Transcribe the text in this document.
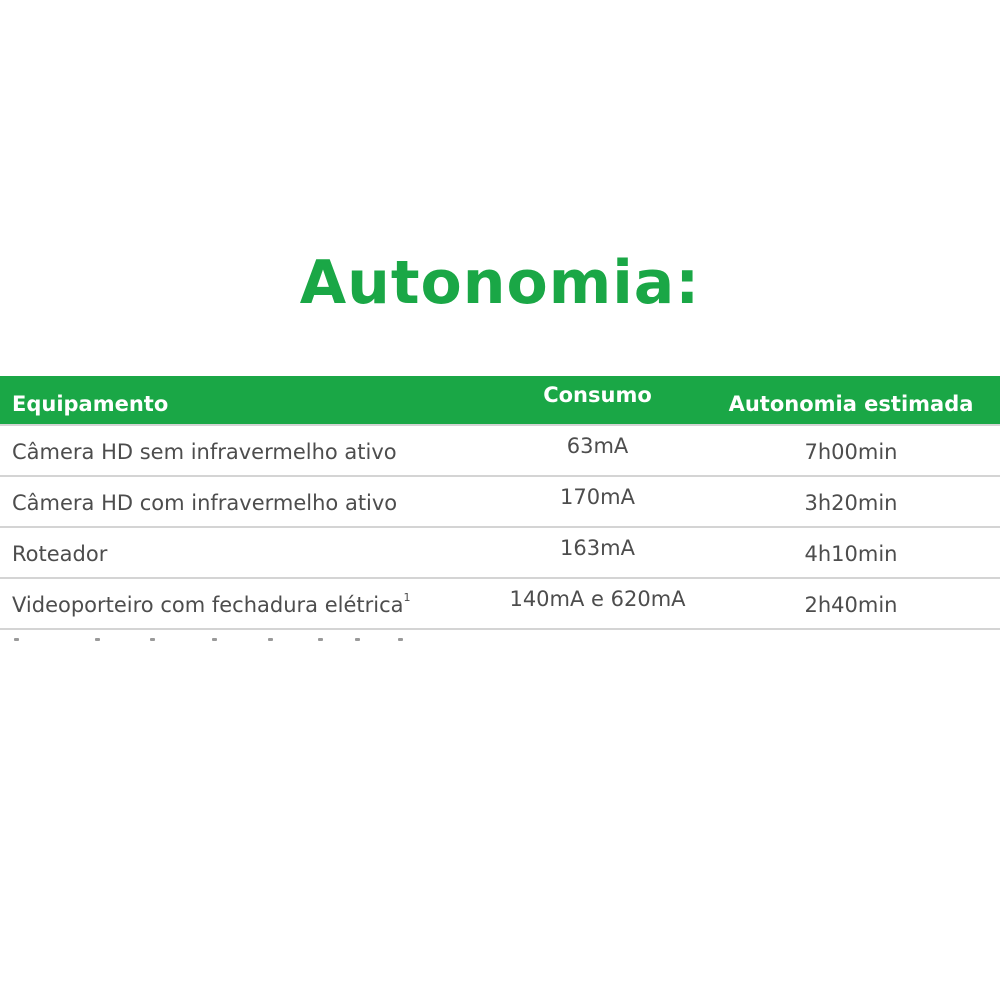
Autonomia:
Equipamento	Consumo	Autonomia estimada
Câmera HD sem infravermelho ativo	63mA	7h00min
Câmera HD com infravermelho ativo	170mA	3h20min
Roteador	163mA	4h10min
Videoporteiro com fechadura elétrica$^1$	140mA e 620mA	2h40min
